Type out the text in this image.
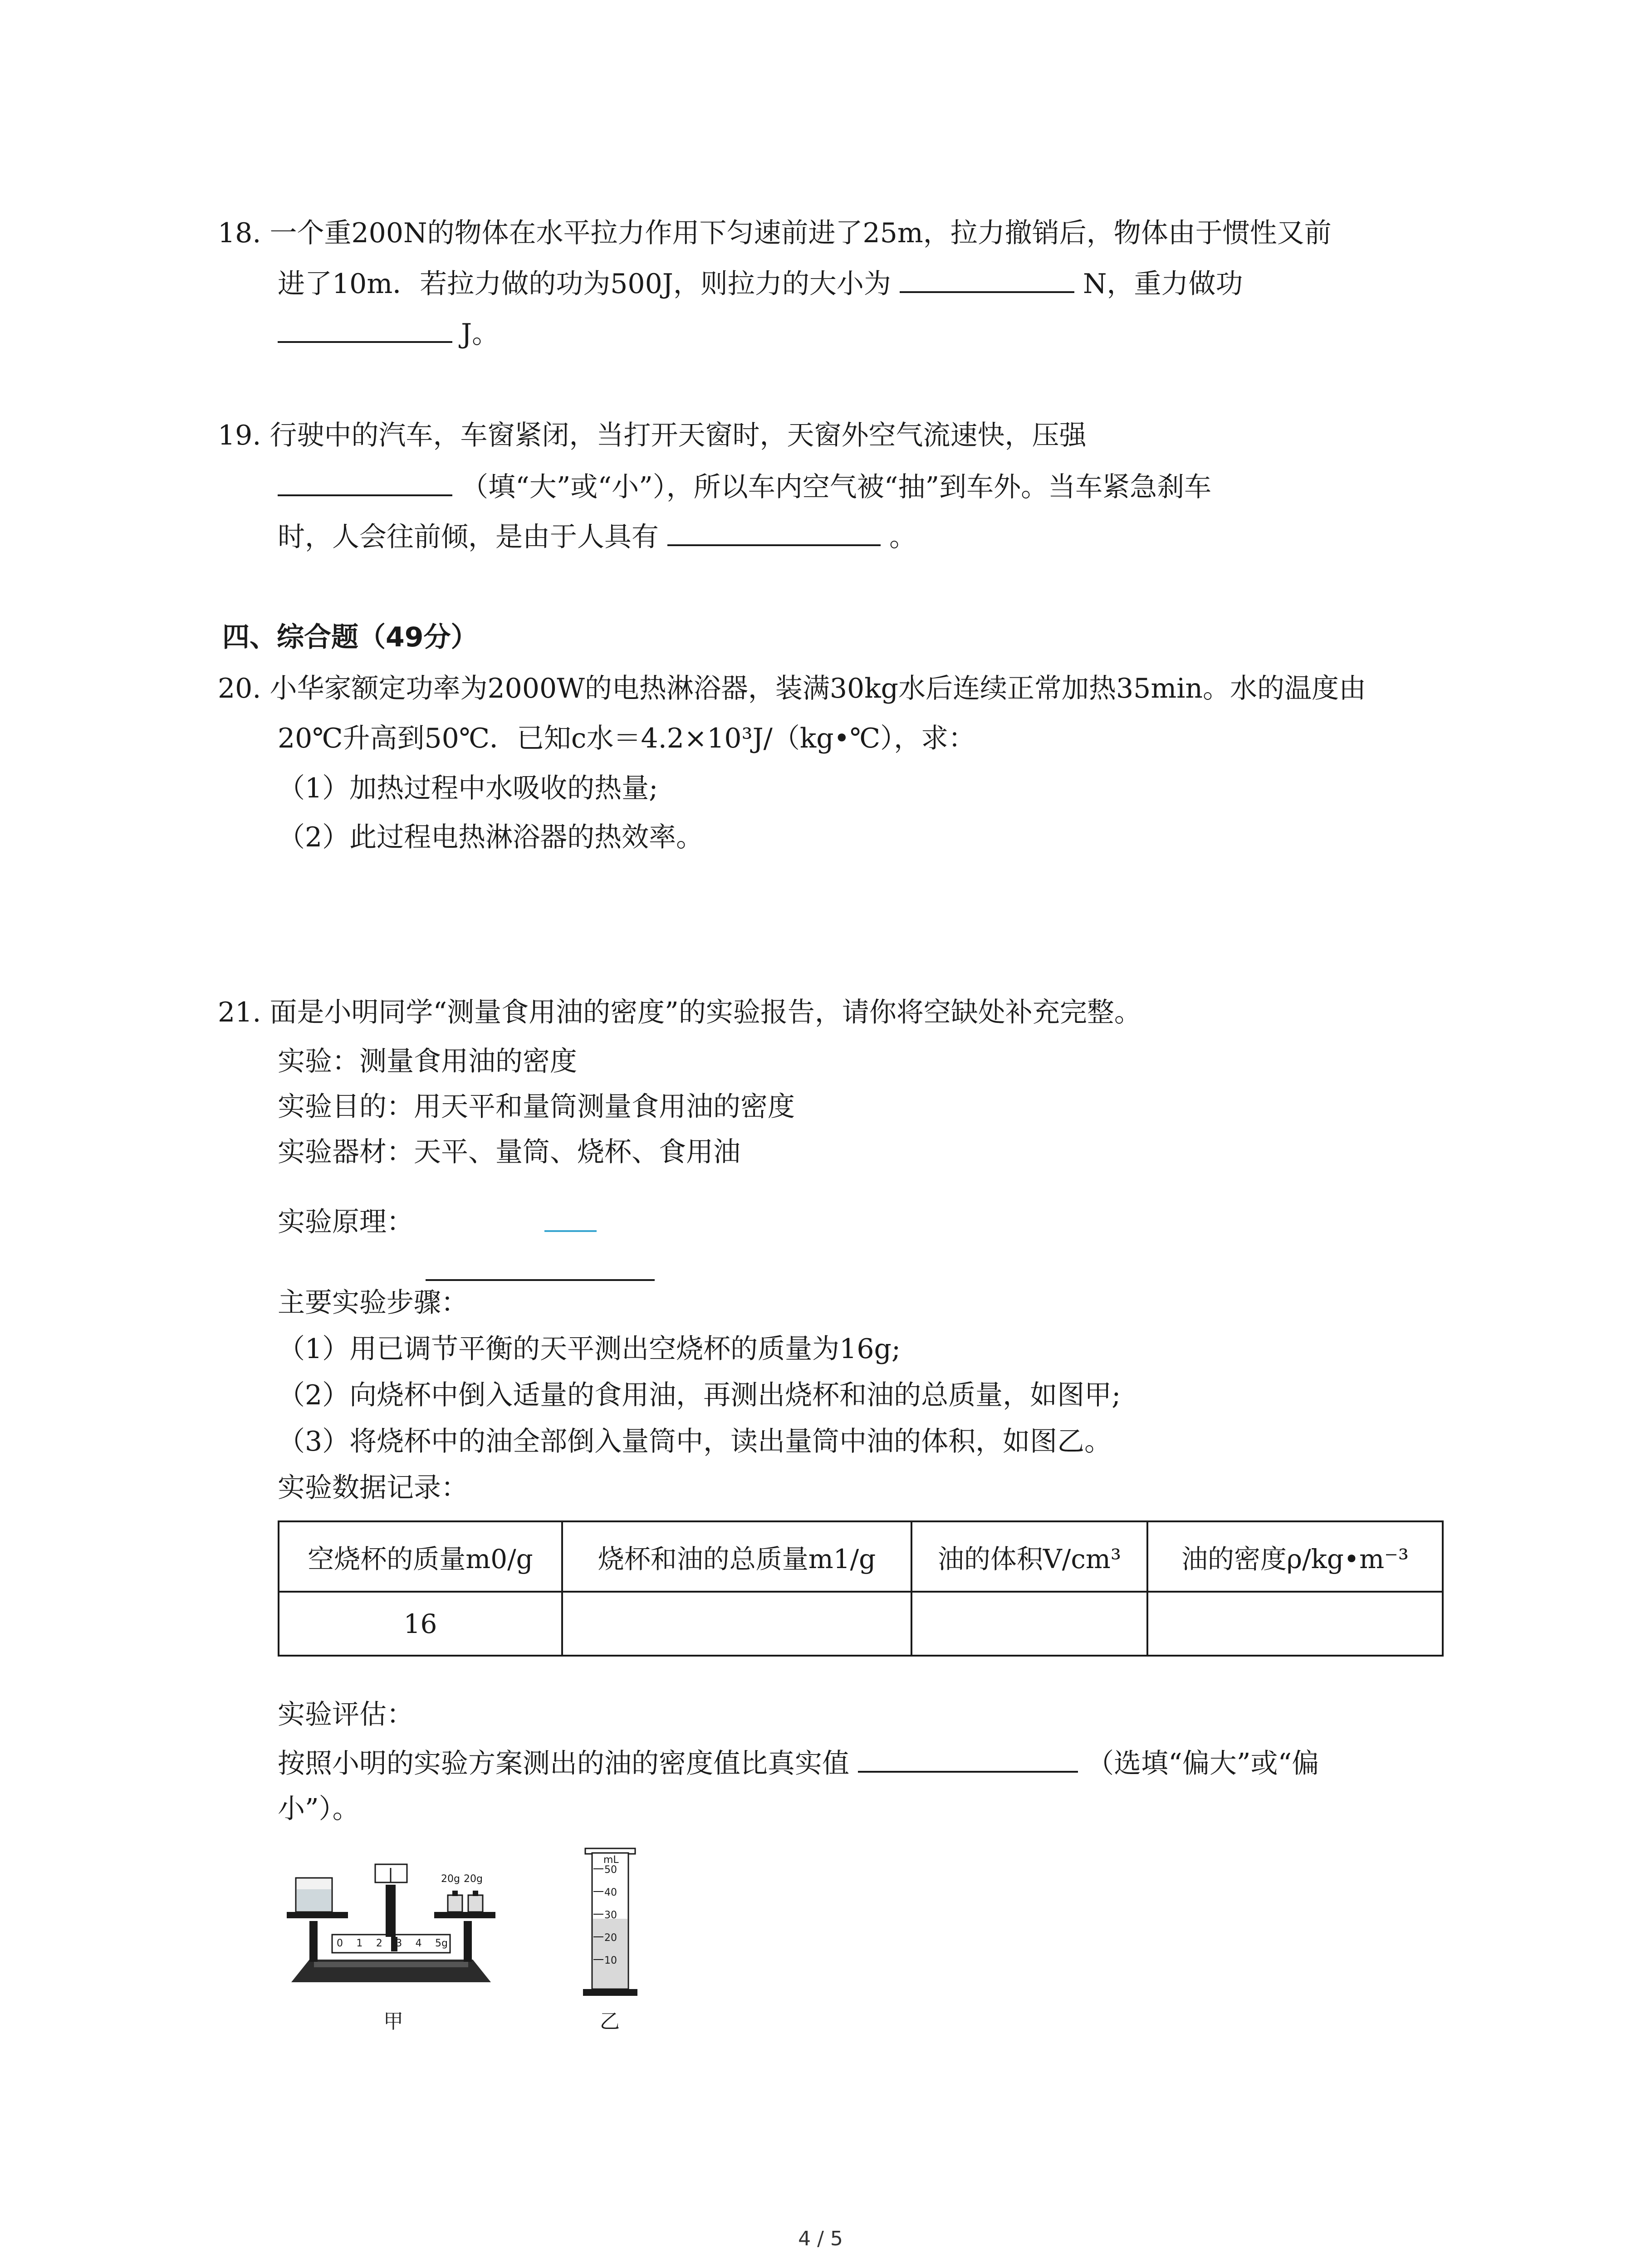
18. 一个重200N的物体在水平拉力作用下匀速前进了25m，拉力撤销后，物体由于惯性又前
进了10m．若拉力做的功为500J，则拉力的大小为	N，重力做功
J。
19. 行驶中的汽车，车窗紧闭，当打开天窗时，天窗外空气流速快，压强
（填“大”或“小”），所以车内空气被“抽”到车外。当车紧急刹车
时，人会往前倾，是由于人具有	。
四、综合题（49分）
20. 小华家额定功率为2000W的电热淋浴器，装满30kg水后连续正常加热35min。水的温度由
20℃升高到50℃．已知c水＝4.2×10³J/（kg•℃），求：
（1）加热过程中水吸收的热量;
（2）此过程电热淋浴器的热效率。
21. 面是小明同学“测量食用油的密度”的实验报告，请你将空缺处补充完整。
实验：测量食用油的密度
实验目的：用天平和量筒测量食用油的密度
实验器材：天平、量筒、烧杯、食用油
实验原理：
主要实验步骤：
（1）用已调节平衡的天平测出空烧杯的质量为16g;
（2）向烧杯中倒入适量的食用油，再测出烧杯和油的总质量，如图甲;
（3）将烧杯中的油全部倒入量筒中，读出量筒中油的体积，如图乙。
实验数据记录：
空烧杯的质量m0/g	烧杯和油的总质量m1/g	油的体积V/cm³	油的密度ρ/kg•m⁻³
16
实验评估：
按照小明的实验方案测出的油的密度值比真实值	（选填“偏大”或“偏
小”）。
20g 20g
0 1 2 3 4 5g
甲
mL
50
40
30
20
10
乙
4 / 5
